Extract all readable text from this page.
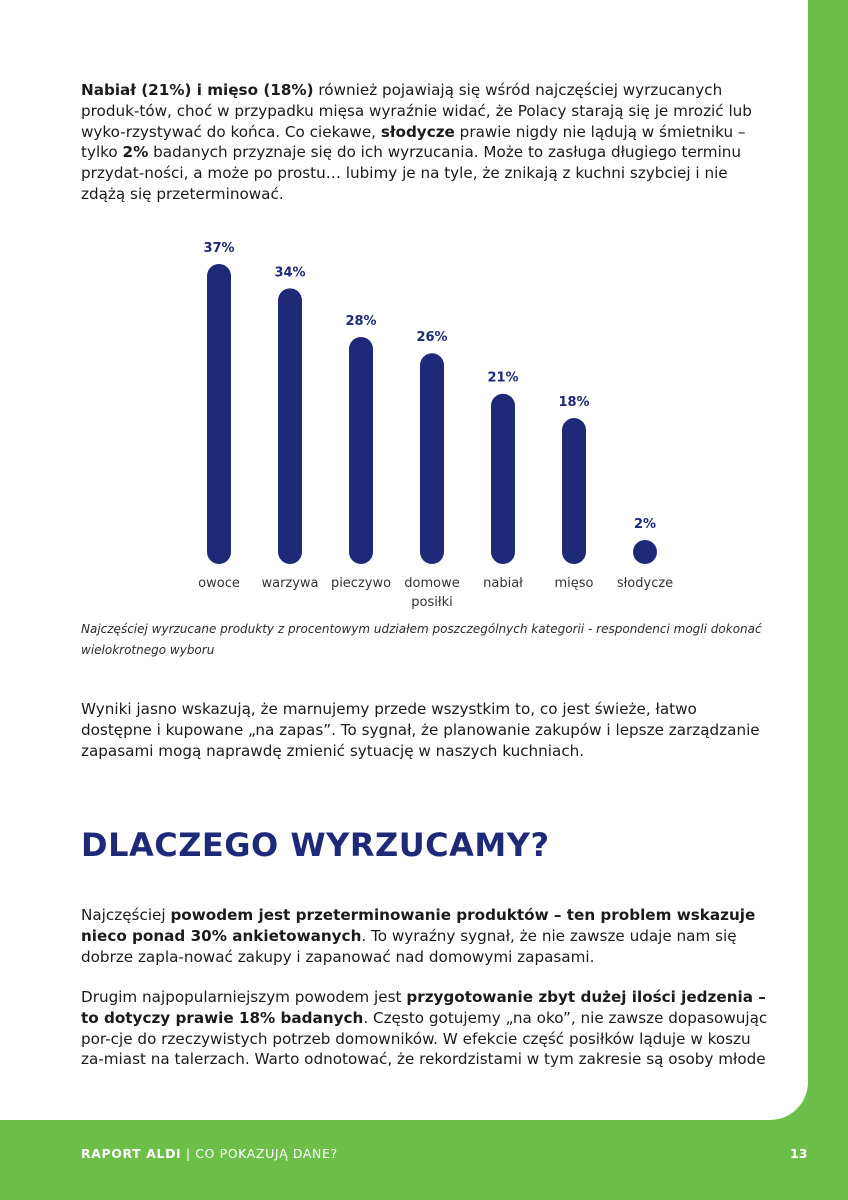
Nabiał (21%) i mięso (18%) również pojawiają się wśród najczęściej wyrzucanych produk-tów, choć w przypadku mięsa wyraźnie widać, że Polacy starają się je mrozić lub wyko-rzystywać do końca. Co ciekawe, słodycze prawie nigdy nie lądują w śmietniku – tylko 2% badanych przyznaje się do ich wyrzucania. Może to zasługa długiego terminu przydat-ności, a może po prostu… lubimy je na tyle, że znikają z kuchni szybciej i nie zdążą się przeterminować.

37%
owoce
34%
warzywa
28%
pieczywo
26%
domowe posiłki
21%
nabiał
18%
mięso
2%
słodycze

Najczęściej wyrzucane produkty z procentowym udziałem poszczególnych kategorii - respondenci mogli dokonać wielokrotnego wyboru

Wyniki jasno wskazują, że marnujemy przede wszystkim to, co jest świeże, łatwo dostępne i kupowane „na zapas”. To sygnał, że planowanie zakupów i lepsze zarządzanie zapasami mogą naprawdę zmienić sytuację w naszych kuchniach.

DLACZEGO WYRZUCAMY?

Najczęściej powodem jest przeterminowanie produktów – ten problem wskazuje nieco ponad 30% ankietowanych. To wyraźny sygnał, że nie zawsze udaje nam się dobrze zapla-nować zakupy i zapanować nad domowymi zapasami.

Drugim najpopularniejszym powodem jest przygotowanie zbyt dużej ilości jedzenia – to dotyczy prawie 18% badanych. Często gotujemy „na oko”, nie zawsze dopasowując por-cje do rzeczywistych potrzeb domowników. W efekcie część posiłków ląduje w koszu za-miast na talerzach. Warto odnotować, że rekordzistami w tym zakresie są osoby młode

RAPORT ALDI | CO POKAZUJĄ DANE?	13
